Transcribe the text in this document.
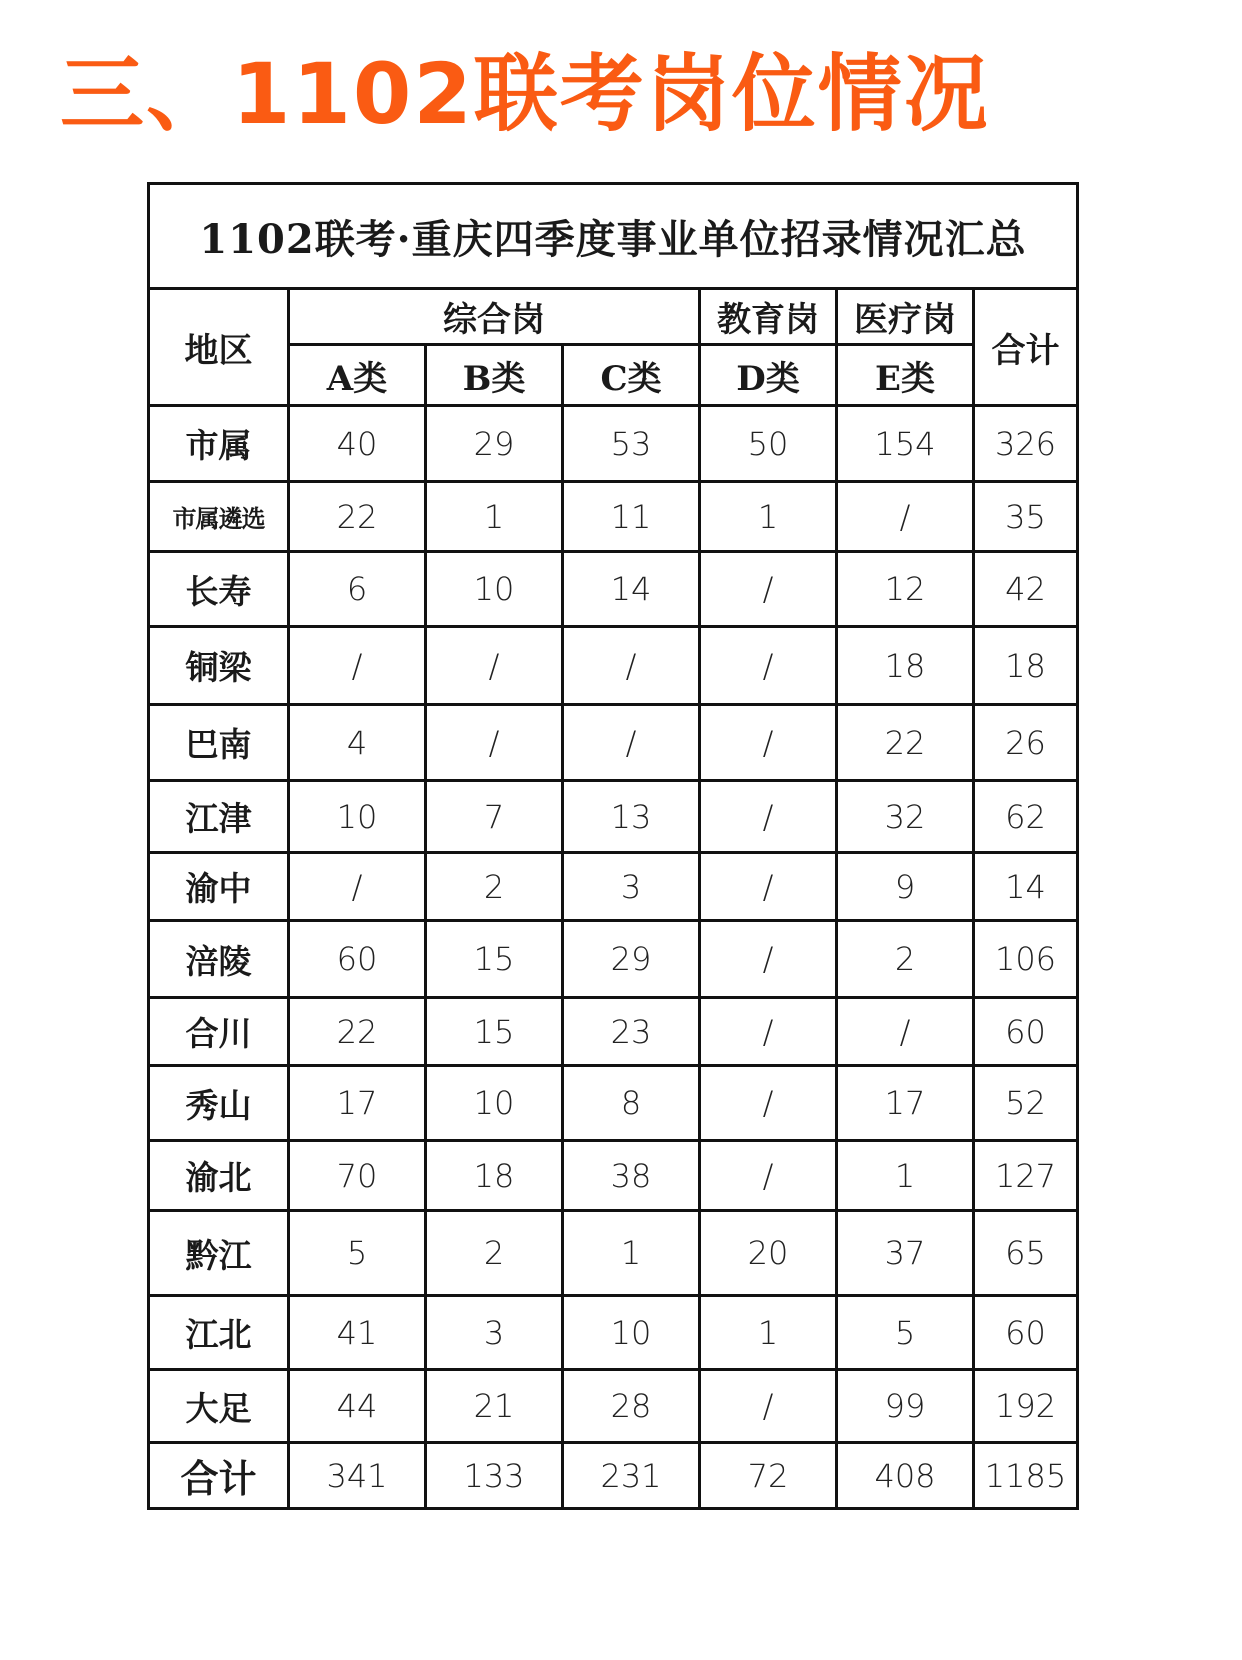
三、1102联考岗位情况
1102联考·重庆四季度事业单位招录情况汇总						
地区	综合岗			教育岗	医疗岗	合计
	A类	B类	C类	D类	E类	
市属	40	29	53	50	154	326
市属遴选	22	1	11	1	/	35
长寿	6	10	14	/	12	42
铜梁	/	/	/	/	18	18
巴南	4	/	/	/	22	26
江津	10	7	13	/	32	62
渝中	/	2	3	/	9	14
涪陵	60	15	29	/	2	106
合川	22	15	23	/	/	60
秀山	17	10	8	/	17	52
渝北	70	18	38	/	1	127
黔江	5	2	1	20	37	65
江北	41	3	10	1	5	60
大足	44	21	28	/	99	192
合计	341	133	231	72	408	1185
